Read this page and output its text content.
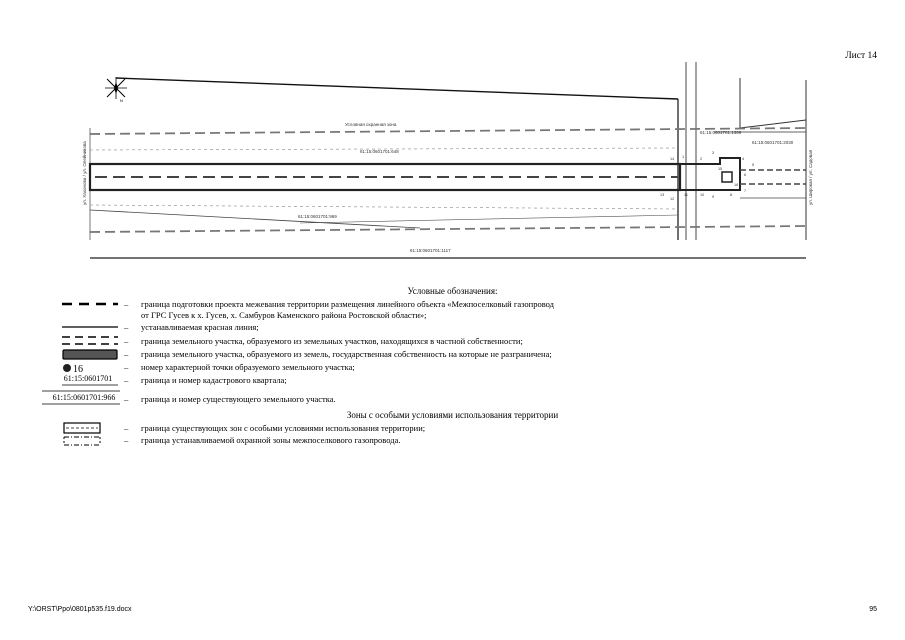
Лист 14
N
Условная охранная зона
61:15:0601701:648
61:15:0601701:969
61:15:0601701:1117
61:15:0601701:1369
61:15:0601701:2030
ул. Хахонова / ул. Олейникова	ул. Широкая / ул. Садовая
1	2
3
4
5
6
7
8
9
10
11
12
13
14
15
16
Условные обозначения:
– граница подготовки проекта межевания территории размещения линейного объекта «Межпоселковый газопровод
от ГРС Гусев к х. Гусев, х. Самбуров Каменского района Ростовской области»;
– устанавливаемая красная линия;
– граница земельного участка, образуемого из земельных участков, находящихся в частной собственности;
– граница земельного участка, образуемого из земель, государственная собственность на которые не разграничена;
16	– номер характерной точки образуемого земельного участка;
61:15:0601701 – граница и номер кадастрового квартала;
61:15:0601701:966 – граница и номер существующего земельного участка.
Зоны с особыми условиями использования территории
– граница существующих зон с особыми условиями использования территории;
– граница устанавливаемой охранной зоны межпоселкового газопровода.
Y:\ORST\Ppo\0801p535.f19.docx	95
